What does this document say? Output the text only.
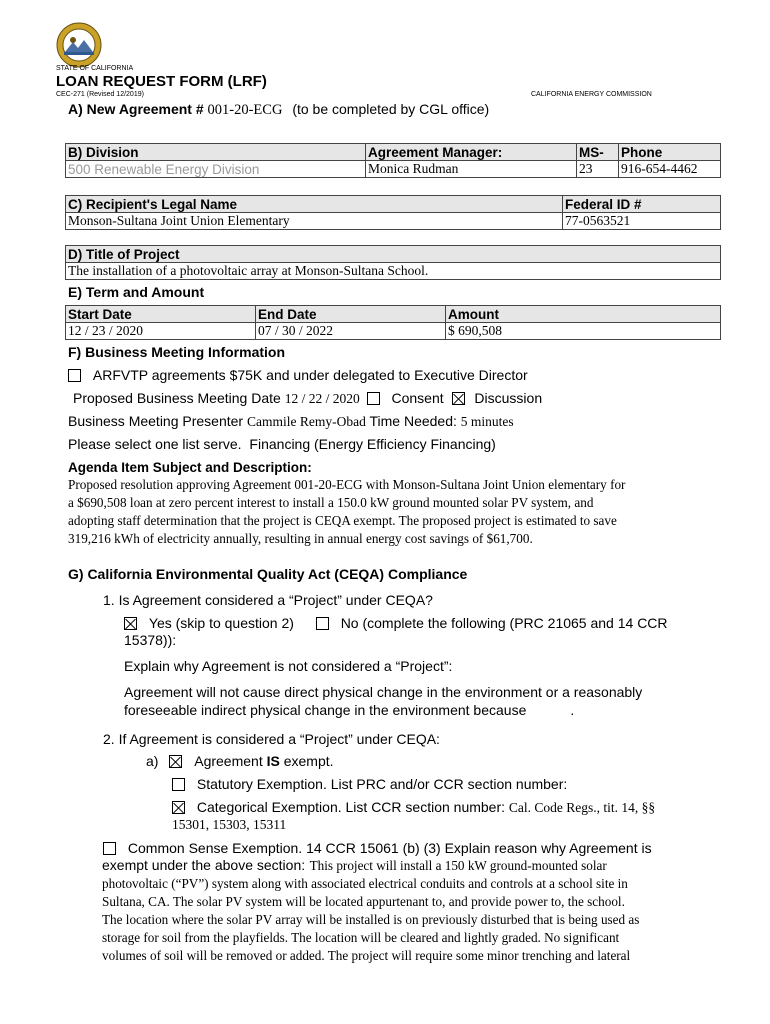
STATE OF CALIFORNIA
LOAN REQUEST FORM (LRF)
CEC-271 (Revised 12/2019)	CALIFORNIA ENERGY COMMISSION
A) New Agreement # 001-20-ECG (to be completed by CGL office)
B) Division	Agreement Manager:	MS-	Phone
500 Renewable Energy Division	Monica Rudman	23	916-654-4462
C) Recipient's Legal Name	Federal ID #
Monson-Sultana Joint Union Elementary	77-0563521
D) Title of Project
The installation of a photovoltaic array at Monson-Sultana School.
E) Term and Amount
Start Date	End Date	Amount
12 / 23 / 2020	07 / 30 / 2022	$ 690,508
F) Business Meeting Information
ARFVTP agreements $75K and under delegated to Executive Director
Proposed Business Meeting Date 12 / 22 / 2020 Consent Discussion
Business Meeting Presenter Cammile Remy-Obad Time Needed: 5 minutes
Please select one list serve. Financing (Energy Efficiency Financing)
Agenda Item Subject and Description:
Proposed resolution approving Agreement 001-20-ECG with Monson-Sultana Joint Union elementary for
a $690,508 loan at zero percent interest to install a 150.0 kW ground mounted solar PV system, and
adopting staff determination that the project is CEQA exempt. The proposed project is estimated to save
319,216 kWh of electricity annually, resulting in annual energy cost savings of $61,700.
G) California Environmental Quality Act (CEQA) Compliance
1. Is Agreement considered a “Project” under CEQA?
Yes (skip to question 2)	No (complete the following (PRC 21065 and 14 CCR
15378)):
Explain why Agreement is not considered a “Project”:
Agreement will not cause direct physical change in the environment or a reasonably
foreseeable indirect physical change in the environment because	.
2. If Agreement is considered a “Project” under CEQA:
a)	Agreement IS exempt.
Statutory Exemption. List PRC and/or CCR section number:
Categorical Exemption. List CCR section number: Cal. Code Regs., tit. 14, §§
15301, 15303, 15311
Common Sense Exemption. 14 CCR 15061 (b) (3) Explain reason why Agreement is
exempt under the above section: This project will install a 150 kW ground-mounted solar
photovoltaic (“PV”) system along with associated electrical conduits and controls at a school site in
Sultana, CA. The solar PV system will be located appurtenant to, and provide power to, the school.
The location where the solar PV array will be installed is on previously disturbed that is being used as
storage for soil from the playfields. The location will be cleared and lightly graded. No significant
volumes of soil will be removed or added. The project will require some minor trenching and lateral
